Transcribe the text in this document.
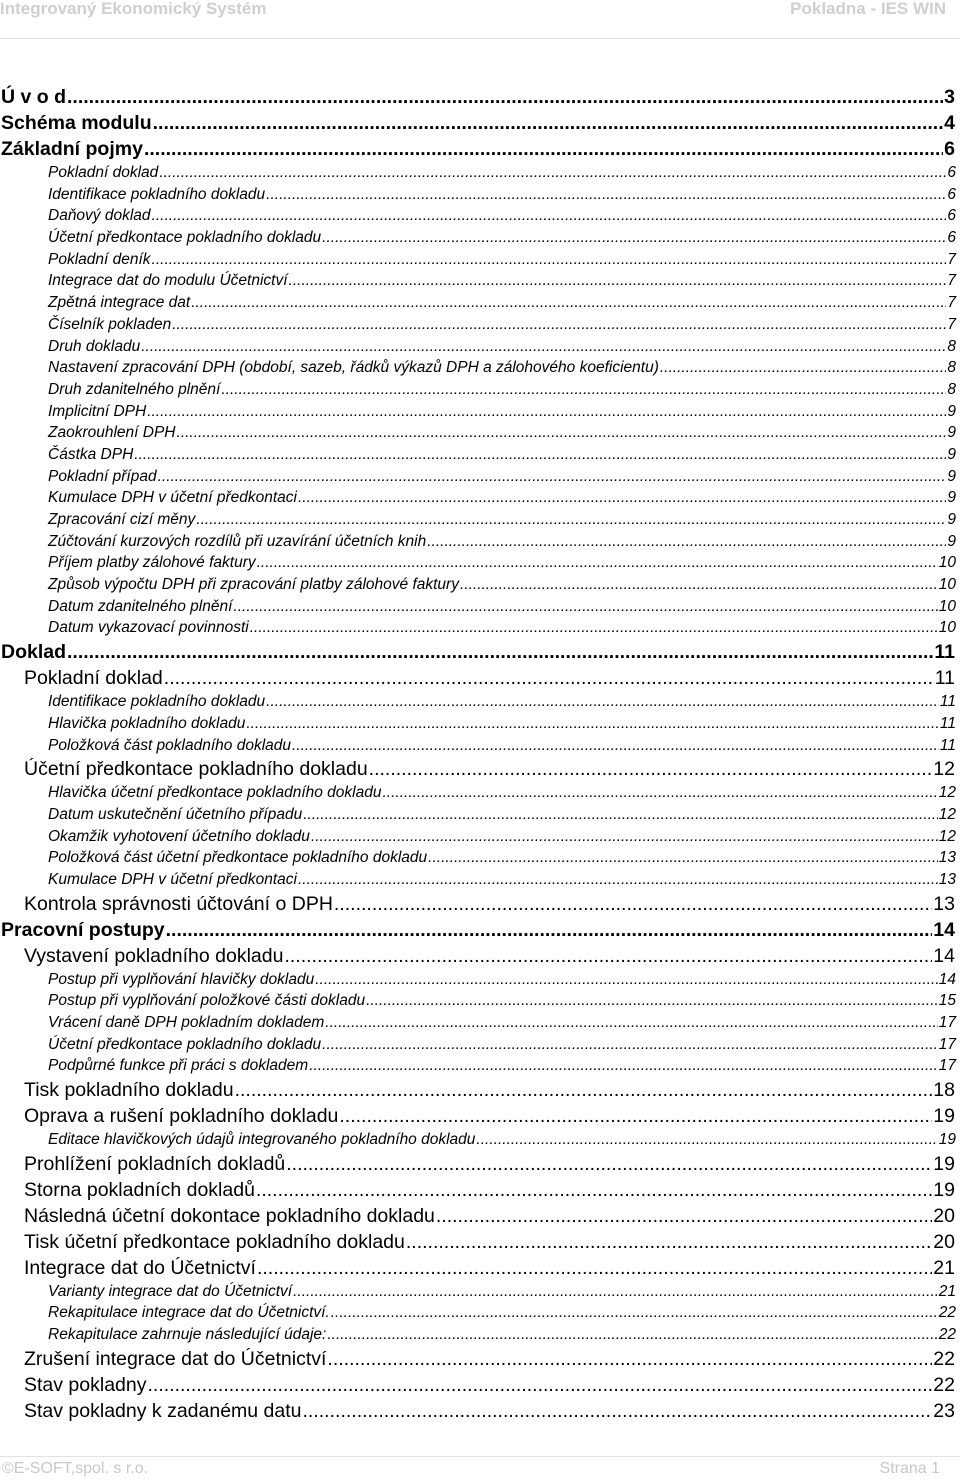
Integrovaný Ekonomický Systém	Pokladna - IES WIN
Ú v o d .....	3
Schéma modulu .....	4
Základní pojmy .....	6
Pokladní doklad .....	6
Identifikace pokladního dokladu .....	6
Daňový doklad .....	6
Účetní předkontace pokladního dokladu .....	6
Pokladní deník .....	7
Integrace dat do modulu Účetnictví .....	7
Zpětná integrace dat .....	7
Číselník pokladen .....	7
Druh dokladu .....	8
Nastavení zpracování DPH (období, sazeb, řádků výkazů DPH a zálohového koeficientu) .....	8
Druh zdanitelného plnění .....	8
Implicitní DPH .....	9
Zaokrouhlení DPH .....	9
Částka DPH .....	9
Pokladní případ .....	9
Kumulace DPH v účetní předkontaci .....	9
Zpracování cizí měny .....	9
Zúčtování kurzových rozdílů při uzavírání účetních knih .....	9
Příjem platby zálohové faktury .....	10
Způsob výpočtu DPH při zpracování platby zálohové faktury .....	10
Datum zdanitelného plnění .....	10
Datum vykazovací povinnosti .....	10
Doklad .....	11
Pokladní doklad .....	11
Identifikace pokladního dokladu .....	11
Hlavička pokladního dokladu .....	11
Položková část pokladního dokladu .....	11
Účetní předkontace pokladního dokladu .....	12
Hlavička účetní předkontace pokladního dokladu .....	12
Datum uskutečnění účetního případu .....	12
Okamžik vyhotovení účetního dokladu .....	12
Položková část účetní předkontace pokladního dokladu .....	13
Kumulace DPH v účetní předkontaci .....	13
Kontrola správnosti účtování o DPH .....	13
Pracovní postupy .....	14
Vystavení pokladního dokladu .....	14
Postup při vyplňování hlavičky dokladu .....	14
Postup při vyplňování položkové části dokladu .....	15
Vrácení daně DPH pokladním dokladem .....	17
Účetní předkontace pokladního dokladu .....	17
Podpůrné funkce při práci s dokladem .....	17
Tisk pokladního dokladu .....	18
Oprava a rušení pokladního dokladu .....	19
Editace hlavičkových údajů integrovaného pokladního dokladu .....	19
Prohlížení pokladních dokladů .....	19
Storna pokladních dokladů .....	19
Následná účetní dokontace pokladního dokladu .....	20
Tisk účetní předkontace pokladního dokladu .....	20
Integrace dat do Účetnictví .....	21
Varianty integrace dat do Účetnictví .....	21
Rekapitulace integrace dat do Účetnictví. .....	22
Rekapitulace zahrnuje následující údaje: .....	22
Zrušení integrace dat do Účetnictví .....	22
Stav pokladny .....	22
Stav pokladny k zadanému datu .....	23
©E-SOFT,spol. s r.o.	Strana 1
